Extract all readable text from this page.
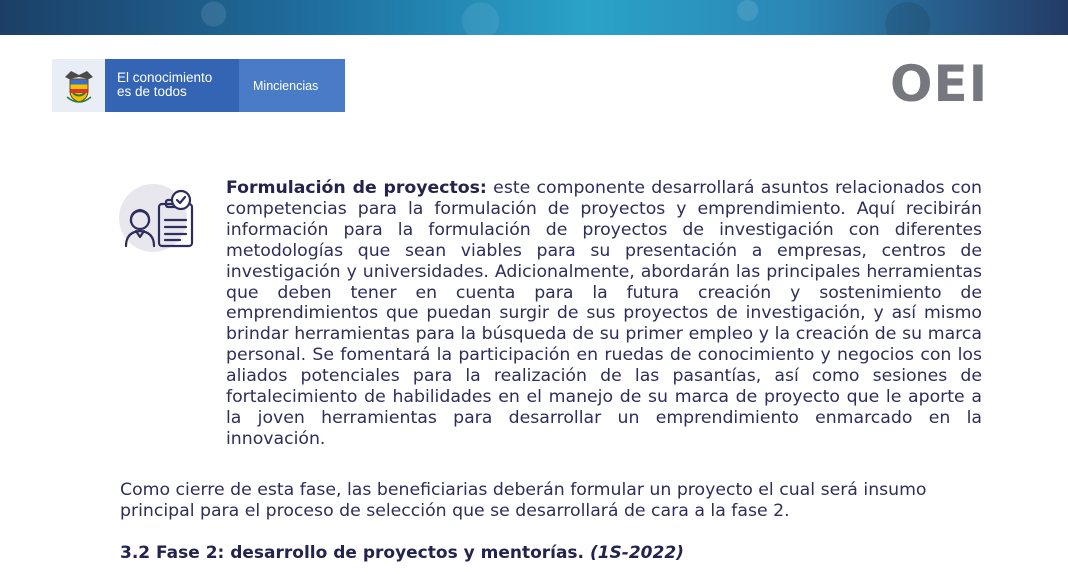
El conocimiento
es de todos	Minciencias	OEI

Formulación de proyectos: este componente desarrollará asuntos relacionados con competencias para la formulación de proyectos y emprendimiento. Aquí recibirán información para la formulación de proyectos de investigación con diferentes metodologías que sean viables para su presentación a empresas, centros de investigación y universidades. Adicionalmente, abordarán las principales herramientas que deben tener en cuenta para la futura creación y sostenimiento de emprendimientos que puedan surgir de sus proyectos de investigación, y así mismo brindar herramientas para la búsqueda de su primer empleo y la creación de su marca personal. Se fomentará la participación en ruedas de conocimiento y negocios con los aliados potenciales para la realización de las pasantías, así como sesiones de fortalecimiento de habilidades en el manejo de su marca de proyecto que le aporte a la joven herramientas para desarrollar un emprendimiento enmarcado en la innovación.

Como cierre de esta fase, las beneficiarias deberán formular un proyecto el cual será insumo principal para el proceso de selección que se desarrollará de cara a la fase 2.

3.2 Fase 2: desarrollo de proyectos y mentorías. (1S-2022)
